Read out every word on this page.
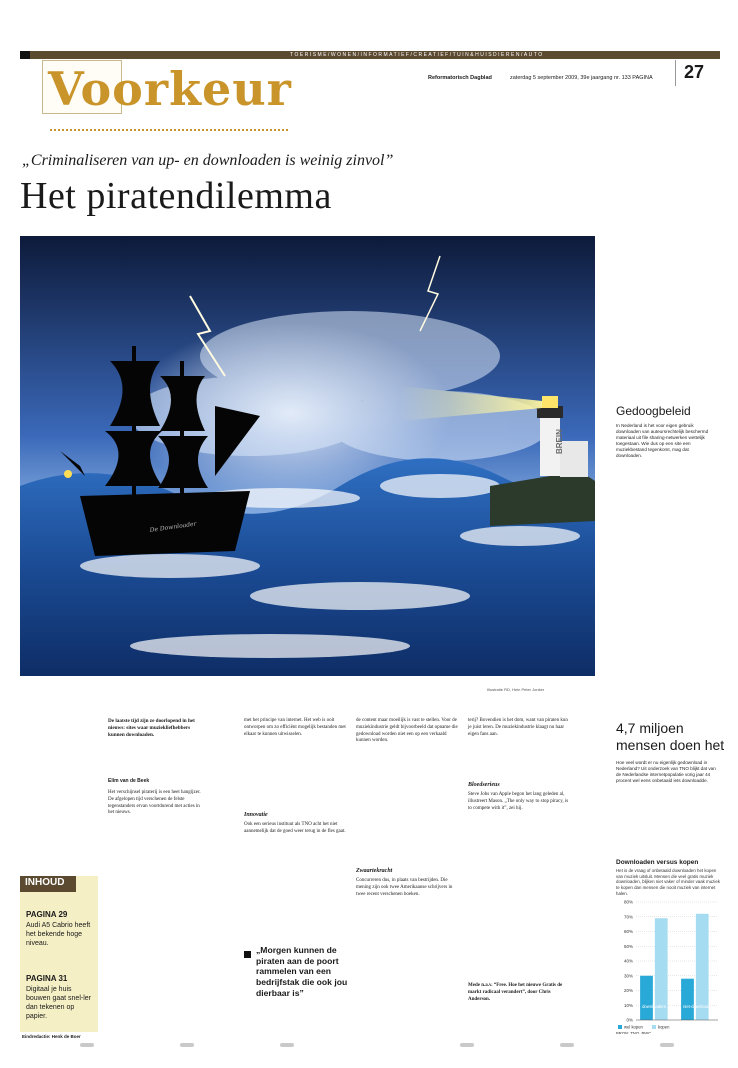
TOERISME/WONEN/INFORMATIEF/CREATIEF/TUIN&HUISDIEREN/AUTO
Voorkeur	Reformatorisch Dagblad	zaterdag 5 september 2009, 39e jaargang nr. 133 PAGINA 27
„Criminaliseren van up- en downloaden is weinig zinvol”
Het piratendilemma
BREIN
De Downloader
Illustratie RD, Hein Peter Jonker
Gedoogbeleid
In Nederland is het voor eigen gebruik downloaden van auteursrechtelijk beschermd materiaal uit file sharing-netwerken wettelijk toegestaan. Wie dus op een site een muziekbestand tegenkomt, mag dat downloaden.
De laatste tijd zijn ze doorlopend in het nieuws: sites waar muziekliefhebbers kunnen downloaden.
Elim van de Beek
Het verschijnsel piraterij is een heet hangijzer. De afgelopen tijd verschenen de felste tegenstanders ervan voortdurend met acties in het nieuws.
met het principe van internet. Het web is ooit ontworpen om zo efficiënt mogelijk bestanden met elkaar te kunnen uitwisselen.
Innovatie
Ook een serieus instituut als TNO acht het niet aannemelijk dat de goed weer terug in de fles gaat.
„Morgen kunnen de piraten aan de poort rammelen van een bedrijfstak die ook jou dierbaar is”
de content maar moeilijk is vast te stellen. Voor de muziekindustrie geldt bijvoorbeeld dat opname die gedownload worden niet een op een verkaald kunnen worden.
Zwaartekracht
Concurreren dus, in plaats van bestrijden. Die mening zijn ook twee Amerikaanse schrijvers in twee recent verschenen boeken.
terij? Bovendien is het dom, want van piraten kun je juist leren. De muziekindustrie klaagt nu haar eigen fans aan.
Bloedserieus
Steve Jobs van Apple begon het lang geleden al, illustreert Mason. „The only way to stop piracy, is to compete with it”, zei hij.
Mede n.a.v. “Free. Hoe het nieuwe Gratis de markt radicaal verandert”, door Chris Anderson.
4,7 miljoen mensen doen het
Hoe veel wordt er nu eigenlijk gedownload in Nederland? Uit onderzoek van TNO blijkt dat van de Nederlandse internetpopulatie vorig jaar 44 procent wel eens onbetaald iets downloadde.
Downloaden versus kopen
Het is de vraag of onbetaald downloaden het kopen van muziek uitsluit. Mensen die veel gratis muziek downloaden, blijken niet vaker of minder vaak muziek te kopen dan mensen die nooit muziek van internet halen.
0%
10%
20%
30%
40%
50%
60%
70%
80%
downloaders	niet-downloaders
wel kopen	kopen
BRON: TNO, PWC
INHOUD
PAGINA 29
Audi A5 Cabrio heeft het bekende hoge niveau.
PAGINA 31
Digitaal je huis bouwen gaat snel-ler dan tekenen op papier.
Eindredactie: Henk de Boer
